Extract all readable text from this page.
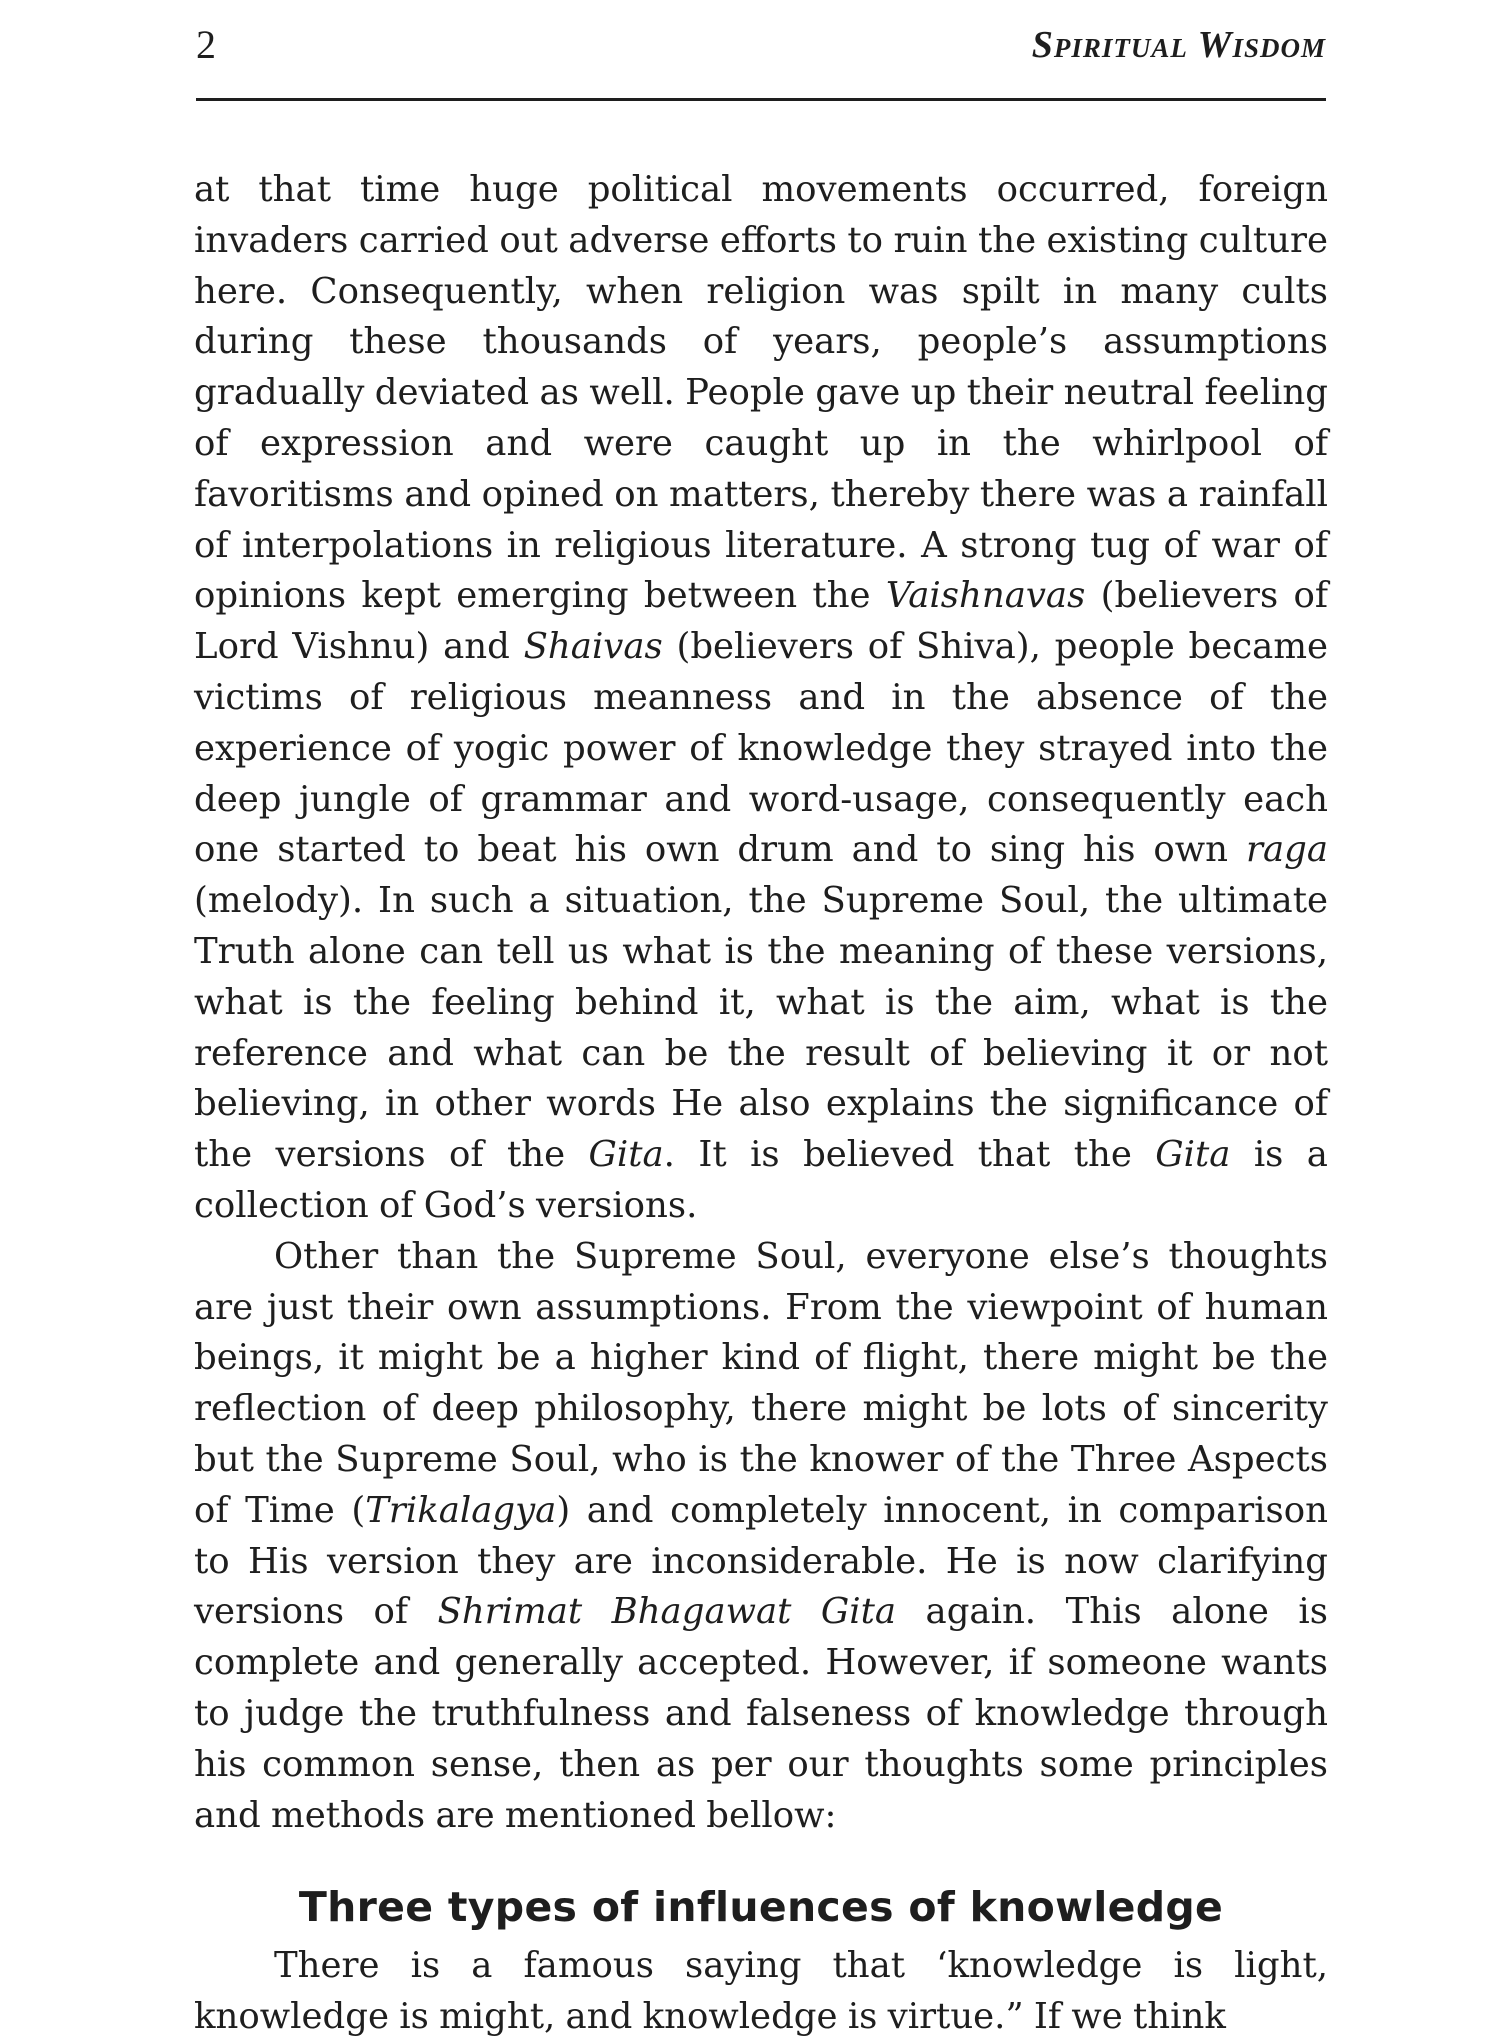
2	Spiritual Wisdom

at that time huge political movements occurred, foreign invaders carried out adverse efforts to ruin the existing culture here. Consequently, when religion was spilt in many cults during these thousands of years, people’s assumptions gradually deviated as well. People gave up their neutral feeling of expression and were caught up in the whirlpool of favoritisms and opined on matters, thereby there was a rainfall of interpolations in religious literature. A strong tug of war of opinions kept emerging between the Vaishnavas (believers of Lord Vishnu) and Shaivas (believers of Shiva), people became victims of religious meanness and in the absence of the experience of yogic power of knowledge they strayed into the deep jungle of grammar and word-usage, consequently each one started to beat his own drum and to sing his own raga (melody). In such a situation, the Supreme Soul, the ultimate Truth alone can tell us what is the meaning of these versions, what is the feeling behind it, what is the aim, what is the reference and what can be the result of believing it or not believing, in other words He also explains the significance of the versions of the Gita. It is believed that the Gita is a collection of God’s versions.

Other than the Supreme Soul, everyone else’s thoughts are just their own assumptions. From the viewpoint of human beings, it might be a higher kind of flight, there might be the reflection of deep philosophy, there might be lots of sincerity but the Supreme Soul, who is the knower of the Three Aspects of Time (Trikalagya) and completely innocent, in comparison to His version they are inconsiderable. He is now clarifying versions of Shrimat Bhagawat Gita again. This alone is complete and generally accepted. However, if someone wants to judge the truthfulness and falseness of knowledge through his common sense, then as per our thoughts some principles and methods are mentioned bellow:

Three types of influences of knowledge

There is a famous saying that ‘knowledge is light, knowledge is might, and knowledge is virtue.” If we think
